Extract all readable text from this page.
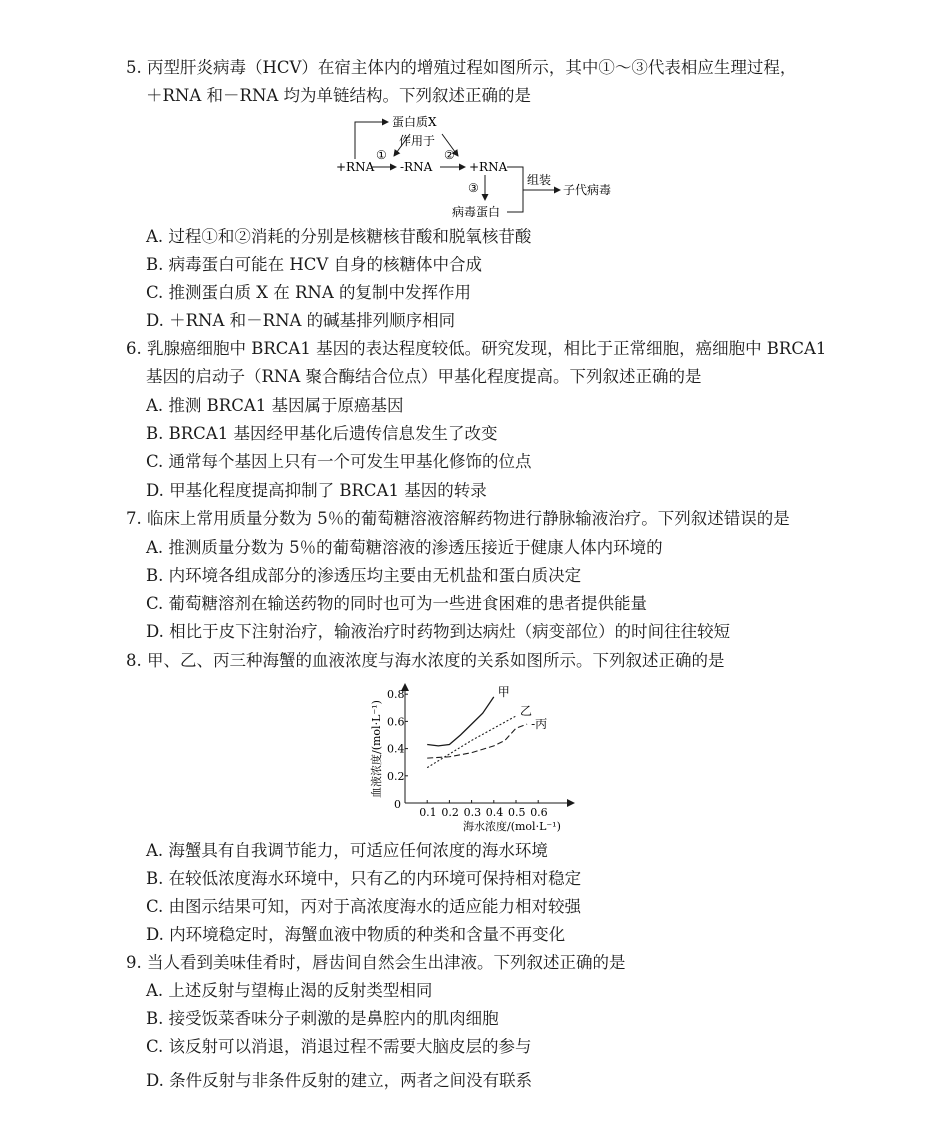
5. 丙型肝炎病毒（HCV）在宿主体内的增殖过程如图所示，其中①～③代表相应生理过程，
＋RNA 和－RNA 均为单链结构。下列叙述正确的是
蛋白质X
作用于
+RNA
①
-RNA
②
+RNA
③
病毒蛋白
组装
子代病毒
A. 过程①和②消耗的分别是核糖核苷酸和脱氧核苷酸
B. 病毒蛋白可能在 HCV 自身的核糖体中合成
C. 推测蛋白质 X 在 RNA 的复制中发挥作用
D. ＋RNA 和－RNA 的碱基排列顺序相同
6. 乳腺癌细胞中 BRCA1 基因的表达程度较低。研究发现，相比于正常细胞，癌细胞中 BRCA1
基因的启动子（RNA 聚合酶结合位点）甲基化程度提高。下列叙述正确的是
A. 推测 BRCA1 基因属于原癌基因
B. BRCA1 基因经甲基化后遗传信息发生了改变
C. 通常每个基因上只有一个可发生甲基化修饰的位点
D. 甲基化程度提高抑制了 BRCA1 基因的转录
7. 临床上常用质量分数为 5％的葡萄糖溶液溶解药物进行静脉输液治疗。下列叙述错误的是
A. 推测质量分数为 5％的葡萄糖溶液的渗透压接近于健康人体内环境的
B. 内环境各组成部分的渗透压均主要由无机盐和蛋白质决定
C. 葡萄糖溶剂在输送药物的同时也可为一些进食困难的患者提供能量
D. 相比于皮下注射治疗，输液治疗时药物到达病灶（病变部位）的时间往往较短
8. 甲、乙、丙三种海蟹的血液浓度与海水浓度的关系如图所示。下列叙述正确的是
0
0.1 0.2 0.3 0.4 0.5 0.6
0.2
0.4
0.6
0.8	甲
乙
-丙
海水浓度/(mol·L⁻¹)
血液浓度/(mol·L⁻¹)
A. 海蟹具有自我调节能力，可适应任何浓度的海水环境
B. 在较低浓度海水环境中，只有乙的内环境可保持相对稳定
C. 由图示结果可知，丙对于高浓度海水的适应能力相对较强
D. 内环境稳定时，海蟹血液中物质的种类和含量不再变化
9. 当人看到美味佳肴时，唇齿间自然会生出津液。下列叙述正确的是
A. 上述反射与望梅止渴的反射类型相同
B. 接受饭菜香味分子刺激的是鼻腔内的肌肉细胞
C. 该反射可以消退，消退过程不需要大脑皮层的参与
D. 条件反射与非条件反射的建立，两者之间没有联系
